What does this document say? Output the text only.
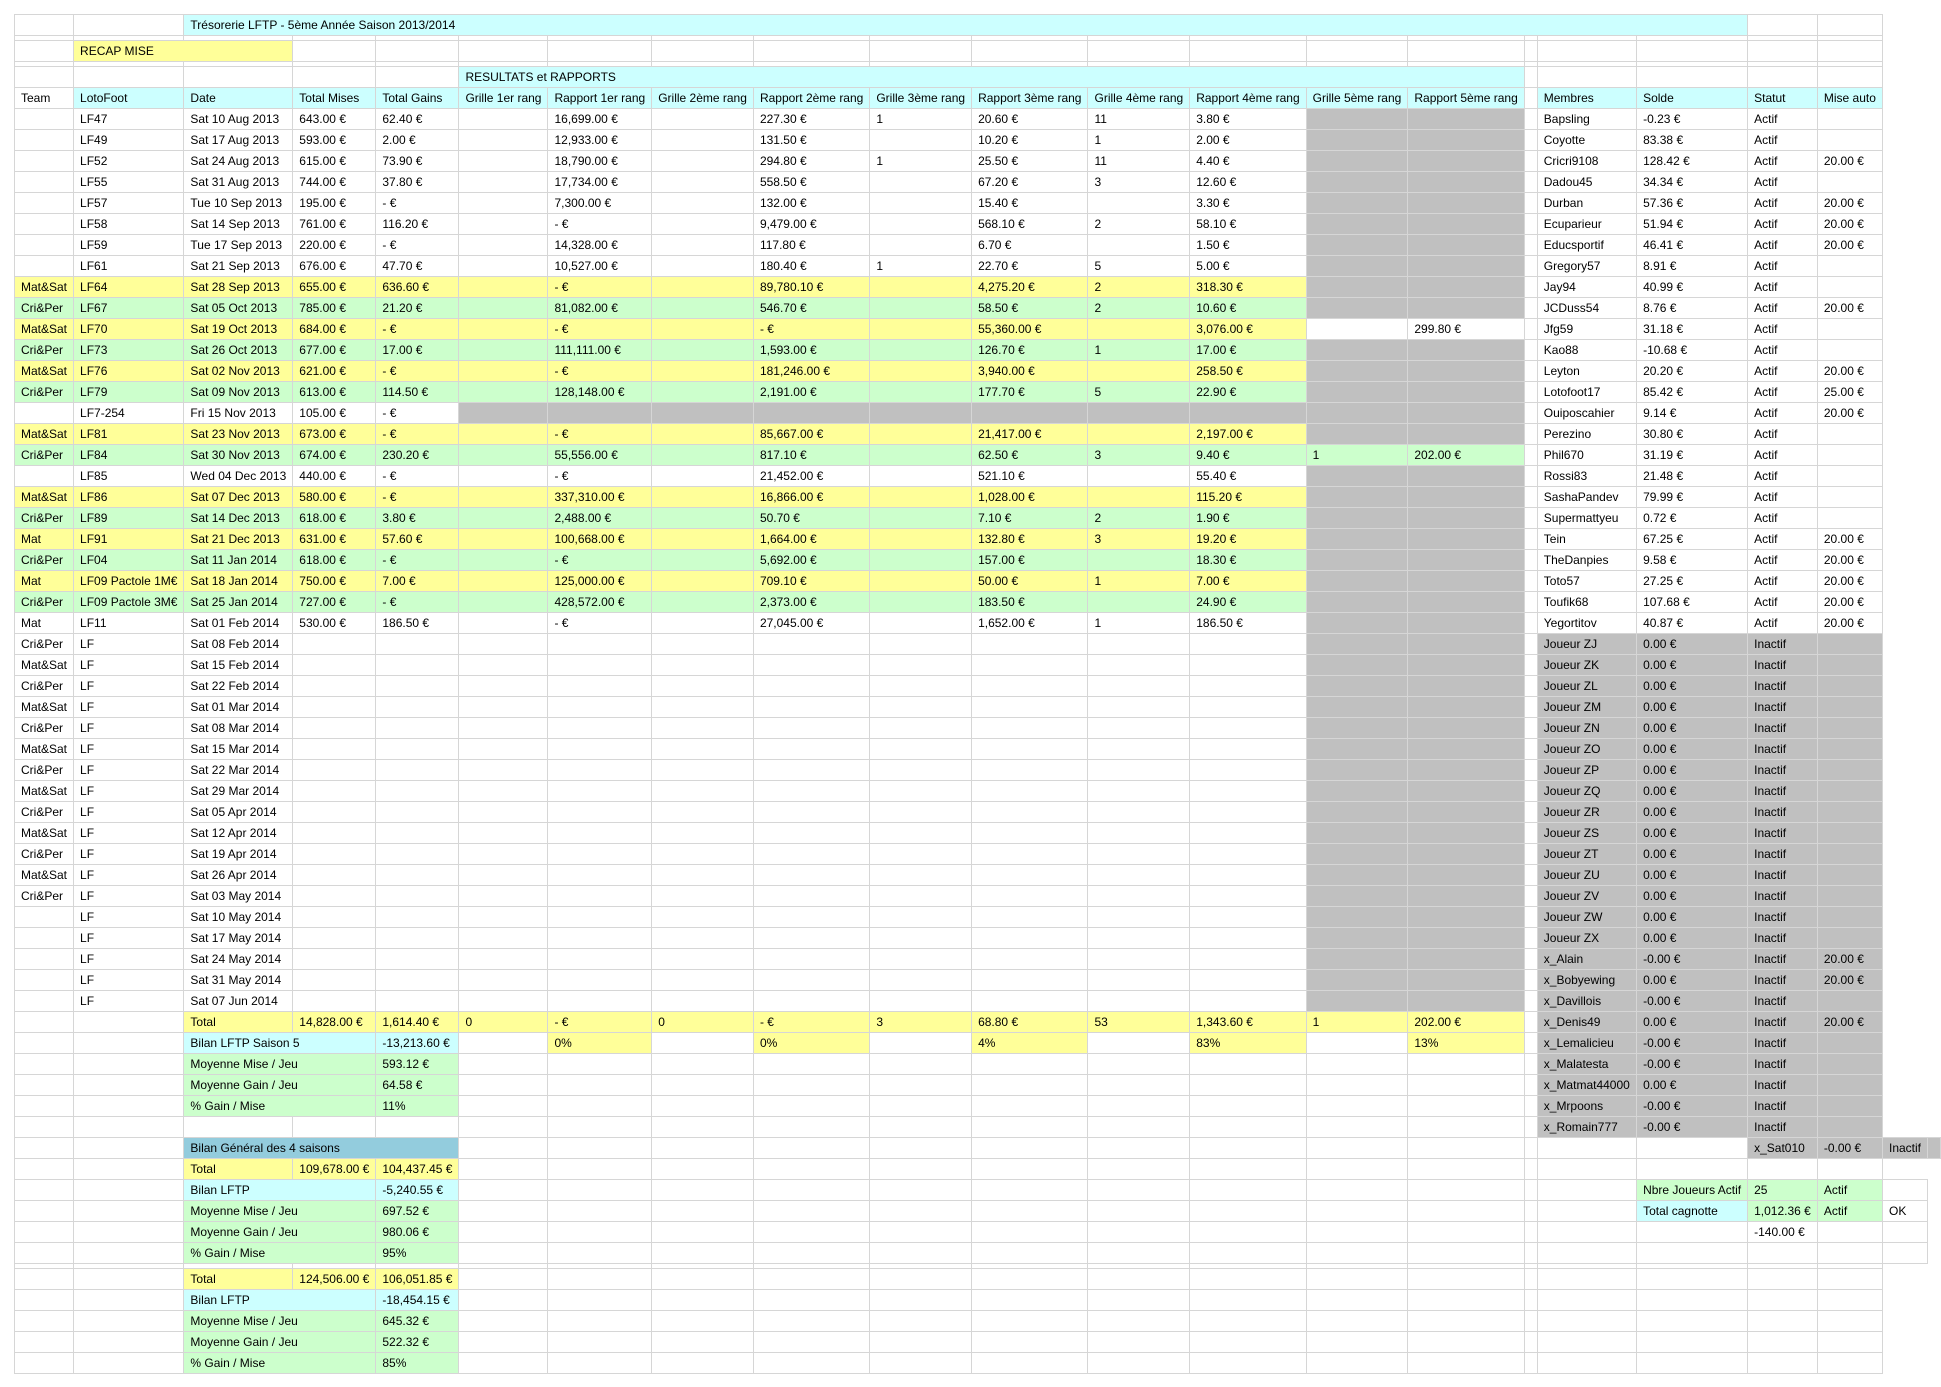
		Trésorerie LFTP - 5ème Année Saison 2013/2014																			

	RECAP MISE																				

					RESULTATS et RAPPORTS																
Team	LotoFoot	Date	Total Mises	Total Gains	Grille 1er rang	Rapport 1er rang	Grille 2ème rang	Rapport 2ème rang	Grille 3ème rang	Rapport 3ème rang	Grille 4ème rang	Rapport 4ème rang	Grille 5ème rang	Rapport 5ème rang		Membres	Solde	Statut	Mise auto		
	LF47	Sat 10 Aug 2013	643.00 €	62.40 €		16,699.00 €		227.30 €	1	20.60 €	11	3.80 €				Bapsling	-0.23 €	Actif			
	LF49	Sat 17 Aug 2013	593.00 €	2.00 €		12,933.00 €		131.50 €		10.20 €	1	2.00 €				Coyotte	83.38 €	Actif			
	LF52	Sat 24 Aug 2013	615.00 €	73.90 €		18,790.00 €		294.80 €	1	25.50 €	11	4.40 €				Cricri9108	128.42 €	Actif	20.00 €		
	LF55	Sat 31 Aug 2013	744.00 €	37.80 €		17,734.00 €		558.50 €		67.20 €	3	12.60 €				Dadou45	34.34 €	Actif			
	LF57	Tue 10 Sep 2013	195.00 €	- €		7,300.00 €		132.00 €		15.40 €		3.30 €				Durban	57.36 €	Actif	20.00 €		
	LF58	Sat 14 Sep 2013	761.00 €	116.20 €		- €		9,479.00 €		568.10 €	2	58.10 €				Ecuparieur	51.94 €	Actif	20.00 €		
	LF59	Tue 17 Sep 2013	220.00 €	- €		14,328.00 €		117.80 €		6.70 €		1.50 €				Educsportif	46.41 €	Actif	20.00 €		
	LF61	Sat 21 Sep 2013	676.00 €	47.70 €		10,527.00 €		180.40 €	1	22.70 €	5	5.00 €				Gregory57	8.91 €	Actif			
Mat&Sat	LF64	Sat 28 Sep 2013	655.00 €	636.60 €		- €		89,780.10 €		4,275.20 €	2	318.30 €				Jay94	40.99 €	Actif			
Cri&Per	LF67	Sat 05 Oct 2013	785.00 €	21.20 €		81,082.00 €		546.70 €		58.50 €	2	10.60 €				JCDuss54	8.76 €	Actif	20.00 €		
Mat&Sat	LF70	Sat 19 Oct 2013	684.00 €	- €		- €		- €		55,360.00 €		3,076.00 €		299.80 €		Jfg59	31.18 €	Actif			
Cri&Per	LF73	Sat 26 Oct 2013	677.00 €	17.00 €		111,111.00 €		1,593.00 €		126.70 €	1	17.00 €				Kao88	-10.68 €	Actif			
Mat&Sat	LF76	Sat 02 Nov 2013	621.00 €	- €		- €		181,246.00 €		3,940.00 €		258.50 €				Leyton	20.20 €	Actif	20.00 €		
Cri&Per	LF79	Sat 09 Nov 2013	613.00 €	114.50 €		128,148.00 €		2,191.00 €		177.70 €	5	22.90 €				Lotofoot17	85.42 €	Actif	25.00 €		
	LF7-254	Fri 15 Nov 2013	105.00 €	- €												Ouiposcahier	9.14 €	Actif	20.00 €		
Mat&Sat	LF81	Sat 23 Nov 2013	673.00 €	- €		- €		85,667.00 €		21,417.00 €		2,197.00 €				Perezino	30.80 €	Actif			
Cri&Per	LF84	Sat 30 Nov 2013	674.00 €	230.20 €		55,556.00 €		817.10 €		62.50 €	3	9.40 €	1	202.00 €		Phil670	31.19 €	Actif			
	LF85	Wed 04 Dec 2013	440.00 €	- €		- €		21,452.00 €		521.10 €		55.40 €				Rossi83	21.48 €	Actif			
Mat&Sat	LF86	Sat 07 Dec 2013	580.00 €	- €		337,310.00 €		16,866.00 €		1,028.00 €		115.20 €				SashaPandev	79.99 €	Actif			
Cri&Per	LF89	Sat 14 Dec 2013	618.00 €	3.80 €		2,488.00 €		50.70 €		7.10 €	2	1.90 €				Supermattyeu	0.72 €	Actif			
Mat	LF91	Sat 21 Dec 2013	631.00 €	57.60 €		100,668.00 €		1,664.00 €		132.80 €	3	19.20 €				Tein	67.25 €	Actif	20.00 €		
Cri&Per	LF04	Sat 11 Jan 2014	618.00 €	- €		- €		5,692.00 €		157.00 €		18.30 €				TheDanpies	9.58 €	Actif	20.00 €		
Mat	LF09 Pactole 1M€	Sat 18 Jan 2014	750.00 €	7.00 €		125,000.00 €		709.10 €		50.00 €	1	7.00 €				Toto57	27.25 €	Actif	20.00 €		
Cri&Per	LF09 Pactole 3M€	Sat 25 Jan 2014	727.00 €	- €		428,572.00 €		2,373.00 €		183.50 €		24.90 €				Toufik68	107.68 €	Actif	20.00 €		
Mat	LF11	Sat 01 Feb 2014	530.00 €	186.50 €		- €		27,045.00 €		1,652.00 €	1	186.50 €				Yegortitov	40.87 €	Actif	20.00 €		
Cri&Per	LF	Sat 08 Feb 2014														Joueur ZJ	0.00 €	Inactif			
Mat&Sat	LF	Sat 15 Feb 2014														Joueur ZK	0.00 €	Inactif			
Cri&Per	LF	Sat 22 Feb 2014														Joueur ZL	0.00 €	Inactif			
Mat&Sat	LF	Sat 01 Mar 2014														Joueur ZM	0.00 €	Inactif			
Cri&Per	LF	Sat 08 Mar 2014														Joueur ZN	0.00 €	Inactif			
Mat&Sat	LF	Sat 15 Mar 2014														Joueur ZO	0.00 €	Inactif			
Cri&Per	LF	Sat 22 Mar 2014														Joueur ZP	0.00 €	Inactif			
Mat&Sat	LF	Sat 29 Mar 2014														Joueur ZQ	0.00 €	Inactif			
Cri&Per	LF	Sat 05 Apr 2014														Joueur ZR	0.00 €	Inactif			
Mat&Sat	LF	Sat 12 Apr 2014														Joueur ZS	0.00 €	Inactif			
Cri&Per	LF	Sat 19 Apr 2014														Joueur ZT	0.00 €	Inactif			
Mat&Sat	LF	Sat 26 Apr 2014														Joueur ZU	0.00 €	Inactif			
Cri&Per	LF	Sat 03 May 2014														Joueur ZV	0.00 €	Inactif			
	LF	Sat 10 May 2014														Joueur ZW	0.00 €	Inactif			
	LF	Sat 17 May 2014														Joueur ZX	0.00 €	Inactif			
	LF	Sat 24 May 2014														x_Alain	-0.00 €	Inactif	20.00 €		
	LF	Sat 31 May 2014														x_Bobyewing	0.00 €	Inactif	20.00 €		
	LF	Sat 07 Jun 2014														x_Davillois	-0.00 €	Inactif			
		Total	14,828.00 €	1,614.40 €	0	- €	0	- €	3	68.80 €	53	1,343.60 €	1	202.00 €		x_Denis49	0.00 €	Inactif	20.00 €		
		Bilan LFTP Saison 5		-13,213.60 €		0%		0%		4%		83%		13%		x_Lemalicieu	-0.00 €	Inactif			
		Moyenne Mise / Jeu		593.12 €												x_Malatesta	-0.00 €	Inactif			
		Moyenne Gain / Jeu		64.58 €												x_Matmat44000	0.00 €	Inactif			
		% Gain / Mise		11%												x_Mrpoons	-0.00 €	Inactif			
																x_Romain777	-0.00 €	Inactif			
		Bilan Général des 4 saisons																x_Sat010	-0.00 €	Inactif	
		Total	109,678.00 €	104,437.45 €																	
		Bilan LFTP		-5,240.55 €													Nbre Joueurs Actif	25	Actif		
		Moyenne Mise / Jeu		697.52 €													Total cagnotte	1,012.36 €	Actif	OK	
		Moyenne Gain / Jeu		980.06 €														-140.00 €			
		% Gain / Mise		95%																	

		Total	124,506.00 €	106,051.85 €																	
		Bilan LFTP		-18,454.15 €																	
		Moyenne Mise / Jeu		645.32 €																	
		Moyenne Gain / Jeu		522.32 €																	
		% Gain / Mise		85%																	
